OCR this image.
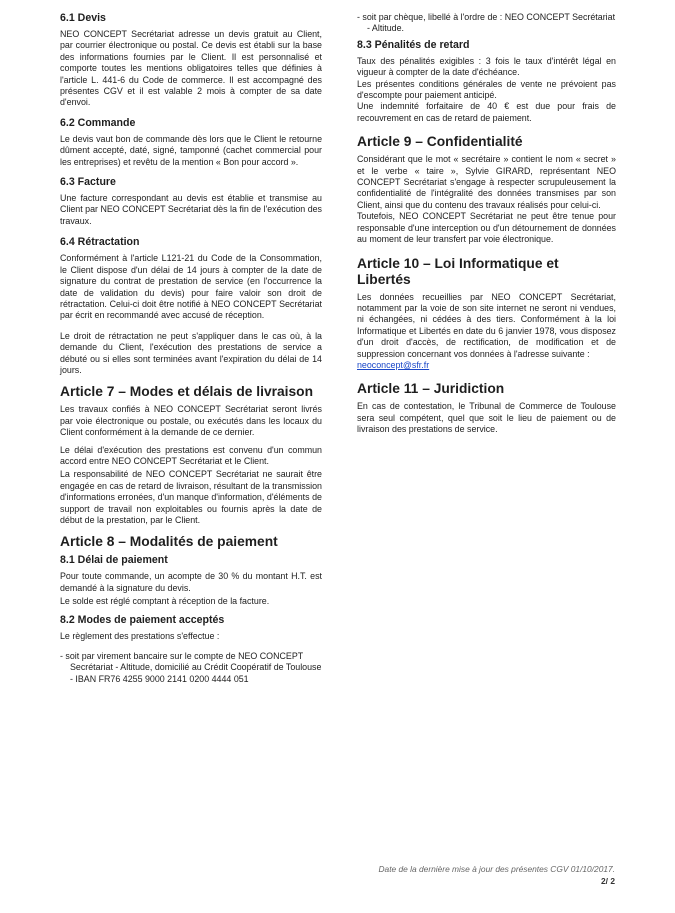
6.1 Devis

NEO CONCEPT Secrétariat adresse un devis gratuit au Client, par courrier électronique ou postal. Ce devis est établi sur la base des informations fournies par le Client. Il est personnalisé et comporte toutes les mentions obligatoires telles que définies à l'article L. 441-6 du Code de commerce. Il est accompagné des présentes CGV et il est valable 2 mois à compter de sa date d'envoi.

6.2 Commande

Le devis vaut bon de commande dès lors que le Client le retourne dûment accepté, daté, signé, tamponné (cachet commercial pour les entreprises) et revêtu de la mention « Bon pour accord ».

6.3 Facture

Une facture correspondant au devis est établie et transmise au Client par NEO CONCEPT Secrétariat dès la fin de l'exécution des travaux.

6.4 Rétractation

Conformément à l'article L121-21 du Code de la Consommation, le Client dispose d'un délai de 14 jours à compter de la date de signature du contrat de prestation de service (en l'occurrence la date de validation du devis) pour faire valoir son droit de rétractation. Celui-ci doit être notifié à NEO CONCEPT Secrétariat par écrit en recommandé avec accusé de réception.

Le droit de rétractation ne peut s'appliquer dans le cas où, à la demande du Client, l'exécution des prestations de service a débuté ou si elles sont terminées avant l'expiration du délai de 14 jours.

Article 7 – Modes et délais de livraison

Les travaux confiés à NEO CONCEPT Secrétariat seront livrés par voie électronique ou postale, ou exécutés dans les locaux du Client conformément à la demande de ce dernier.

Le délai d'exécution des prestations est convenu d'un commun accord entre NEO CONCEPT Secrétariat et le Client.

La responsabilité de NEO CONCEPT Secrétariat ne saurait être engagée en cas de retard de livraison, résultant de la transmission d'informations erronées, d'un manque d'information, d'éléments de support de travail non exploitables ou fournis après la date de début de la prestation, par le Client.

Article 8 – Modalités de paiement
8.1 Délai de paiement

Pour toute commande, un acompte de 30 % du montant H.T. est demandé à la signature du devis.

Le solde est réglé comptant à réception de la facture.

8.2 Modes de paiement acceptés

Le règlement des prestations s'effectue :

- soit par virement bancaire sur le compte de NEO CONCEPT Secrétariat - Altitude, domicilié au Crédit Coopératif de Toulouse - IBAN FR76 4255 9000 2141 0200 4444 051

- soit par chèque, libellé à l'ordre de : NEO CONCEPT Secrétariat - Altitude.

8.3 Pénalités de retard

Taux des pénalités exigibles : 3 fois le taux d'intérêt légal en vigueur à compter de la date d'échéance.

Les présentes conditions générales de vente ne prévoient pas d'escompte pour paiement anticipé.

Une indemnité forfaitaire de 40 € est due pour frais de recouvrement en cas de retard de paiement.

Article 9 – Confidentialité

Considérant que le mot « secrétaire » contient le nom « secret » et le verbe « taire », Sylvie GIRARD, représentant NEO CONCEPT Secrétariat s'engage à respecter scrupuleusement la confidentialité de l'intégralité des données transmises par son Client, ainsi que du contenu des travaux réalisés pour celui-ci.

Toutefois, NEO CONCEPT Secrétariat ne peut être tenue pour responsable d'une interception ou d'un détournement de données au moment de leur transfert par voie électronique.

Article 10 – Loi Informatique et Libertés

Les données recueillies par NEO CONCEPT Secrétariat, notamment par la voie de son site internet ne seront ni vendues, ni échangées, ni cédées à des tiers. Conformément à la loi Informatique et Libertés en date du 6 janvier 1978, vous disposez d'un droit d'accès, de rectification, de modification et de suppression concernant vos données à l'adresse suivante :

neoconcept@sfr.fr

Article 11 – Juridiction

En cas de contestation, le Tribunal de Commerce de Toulouse sera seul compétent, quel que soit le lieu de paiement ou de livraison des prestations de service.

Date de la dernière mise à jour des présentes CGV 01/10/2017.
2/ 2
